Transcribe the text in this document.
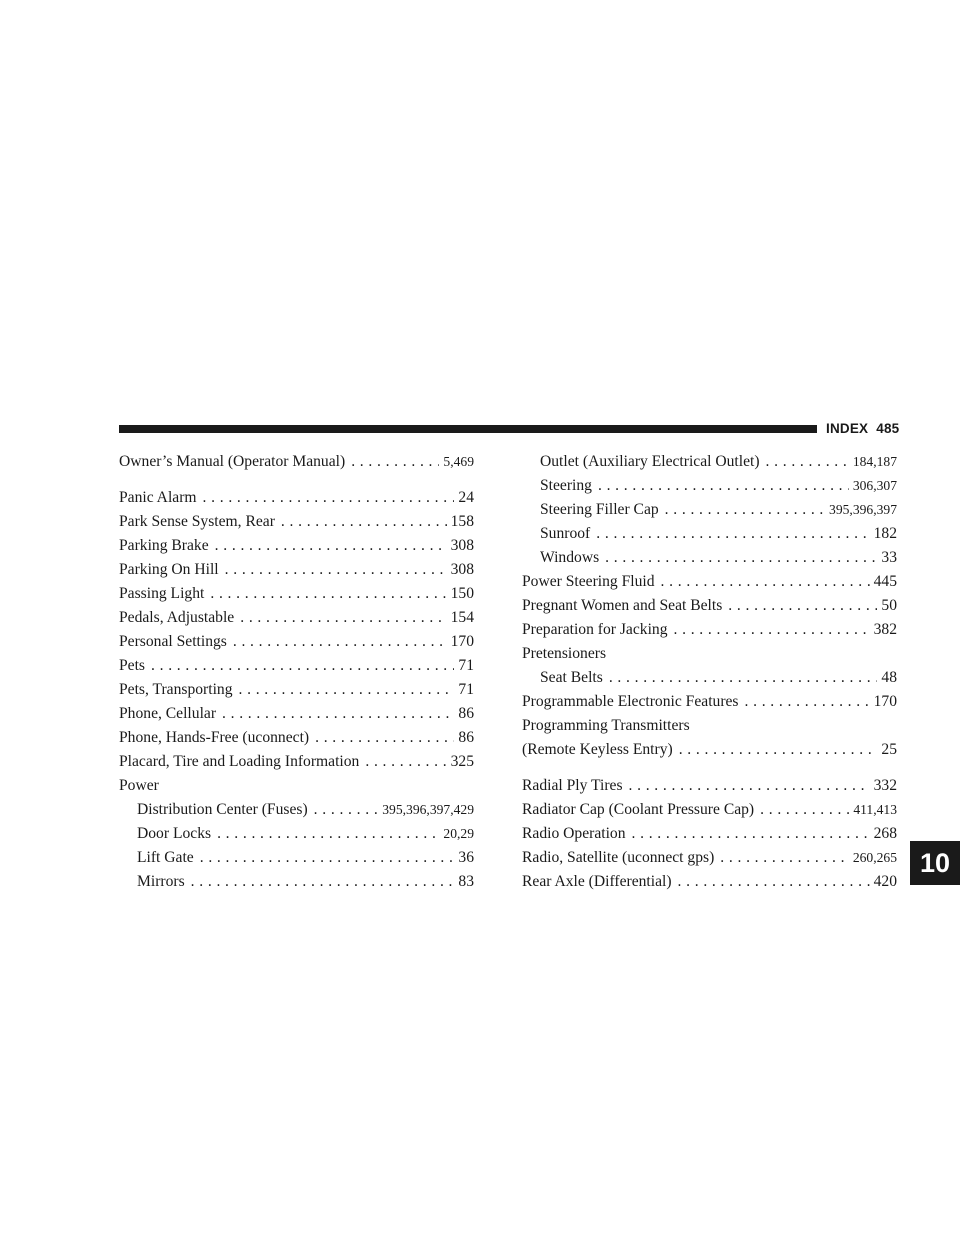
INDEX 485
Owner’s Manual (Operator Manual) . . .	5,469
Panic Alarm . . .	24
Park Sense System, Rear . . .	158
Parking Brake . . .	308
Parking On Hill . . .	308
Passing Light . . .	150
Pedals, Adjustable . . .	154
Personal Settings . . .	170
Pets . . .	71
Pets, Transporting . . .	71
Phone, Cellular . . .	86
Phone, Hands-Free (uconnect) . . .	86
Placard, Tire and Loading Information . . .	325
Power
Distribution Center (Fuses) . . .	395,396,397,429
Door Locks . . .	20,29
Lift Gate . . .	36
Mirrors . . .	83
Outlet (Auxiliary Electrical Outlet) . . .	184,187
Steering . . .	306,307
Steering Filler Cap . . .	395,396,397
Sunroof . . .	182
Windows . . .	33
Power Steering Fluid . . .	445
Pregnant Women and Seat Belts . . .	50
Preparation for Jacking . . .	382
Pretensioners
Seat Belts . . .	48
Programmable Electronic Features . . .	170
Programming Transmitters
(Remote Keyless Entry) . . .	25
Radial Ply Tires . . .	332
Radiator Cap (Coolant Pressure Cap) . . .	411,413
Radio Operation . . .	268
Radio, Satellite (uconnect gps) . . .	260,265
Rear Axle (Differential) . . .	420
10
